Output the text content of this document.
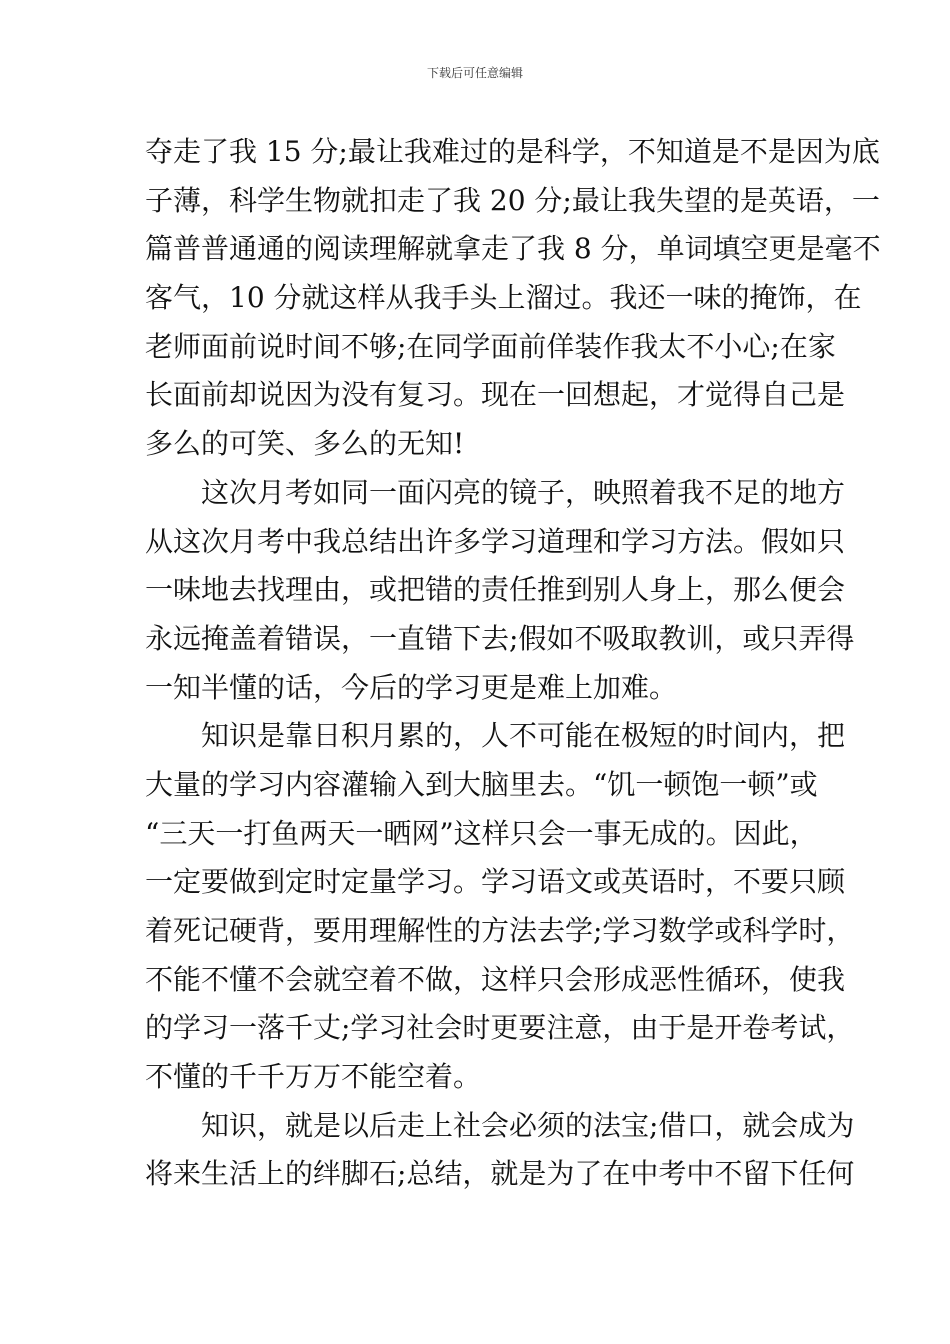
下载后可任意编辑
夺走了我 15 分;最让我难过的是科学，不知道是不是因为底
子薄，科学生物就扣走了我 20 分;最让我失望的是英语，一
篇普普通通的阅读理解就拿走了我 8 分，单词填空更是毫不
客气，10 分就这样从我手头上溜过。我还一味的掩饰，在
老师面前说时间不够;在同学面前佯装作我太不小心;在家
长面前却说因为没有复习。现在一回想起，才觉得自己是
多么的可笑、多么的无知!
　　这次月考如同一面闪亮的镜子，映照着我不足的地方
从这次月考中我总结出许多学习道理和学习方法。假如只
一味地去找理由，或把错的责任推到别人身上，那么便会
永远掩盖着错误，一直错下去;假如不吸取教训，或只弄得
一知半懂的话，今后的学习更是难上加难。
　　知识是靠日积月累的，人不可能在极短的时间内，把
大量的学习内容灌输入到大脑里去。“饥一顿饱一顿”或
“三天一打鱼两天一晒网”这样只会一事无成的。因此，
一定要做到定时定量学习。学习语文或英语时，不要只顾
着死记硬背，要用理解性的方法去学;学习数学或科学时，
不能不懂不会就空着不做，这样只会形成恶性循环，使我
的学习一落千丈;学习社会时更要注意，由于是开卷考试，
不懂的千千万万不能空着。
　　知识，就是以后走上社会必须的法宝;借口，就会成为
将来生活上的绊脚石;总结，就是为了在中考中不留下任何
